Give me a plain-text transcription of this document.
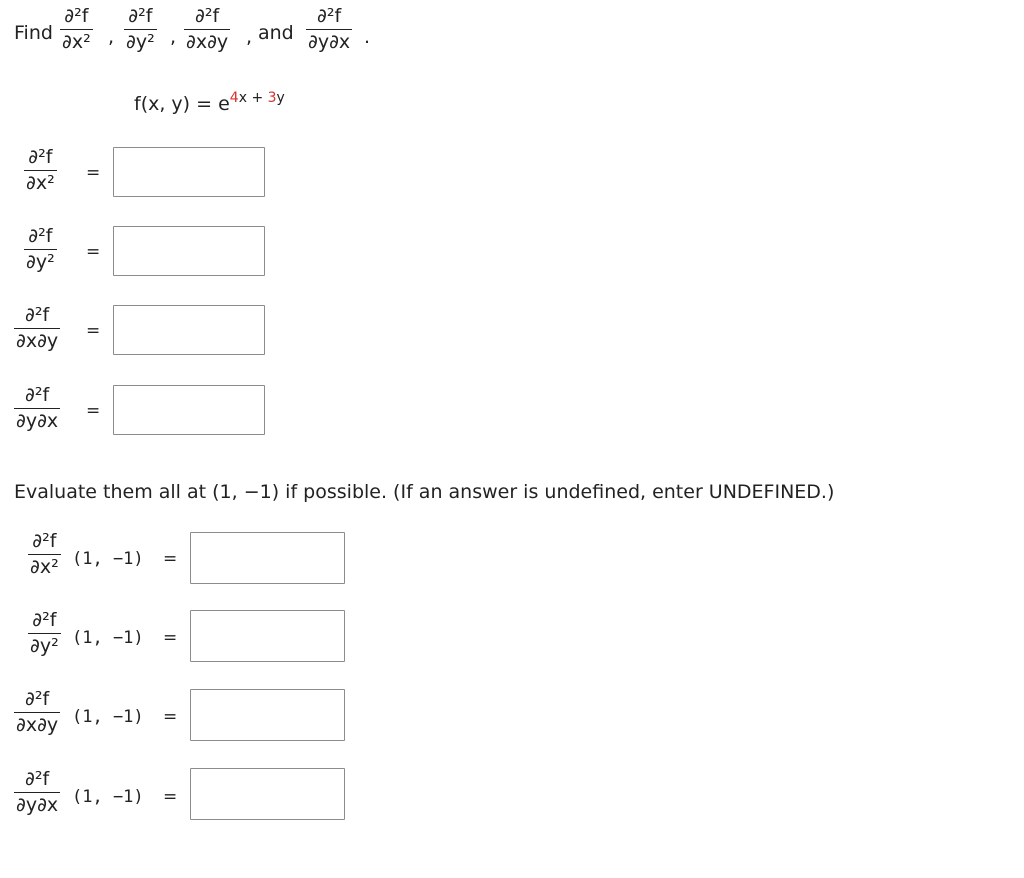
Find
∂²f
∂x² ,
∂²f
∂y² ,
∂²f
∂x∂y , and
∂²f
∂y∂x .
f(x, $y) = e^{4x + 3y}$
∂²f
∂x² =
∂²f
∂y² =
∂²f
∂x∂y =
∂²f
∂y∂x =
Evaluate them all at (1, −1) if possible. (If an answer is undefined, enter UNDEFINED.)
∂²f
∂x² (1, −1) =
∂²f
∂y² (1, −1) =
∂²f
∂x∂y (1, −1) =
∂²f
∂y∂x (1, −1) =
